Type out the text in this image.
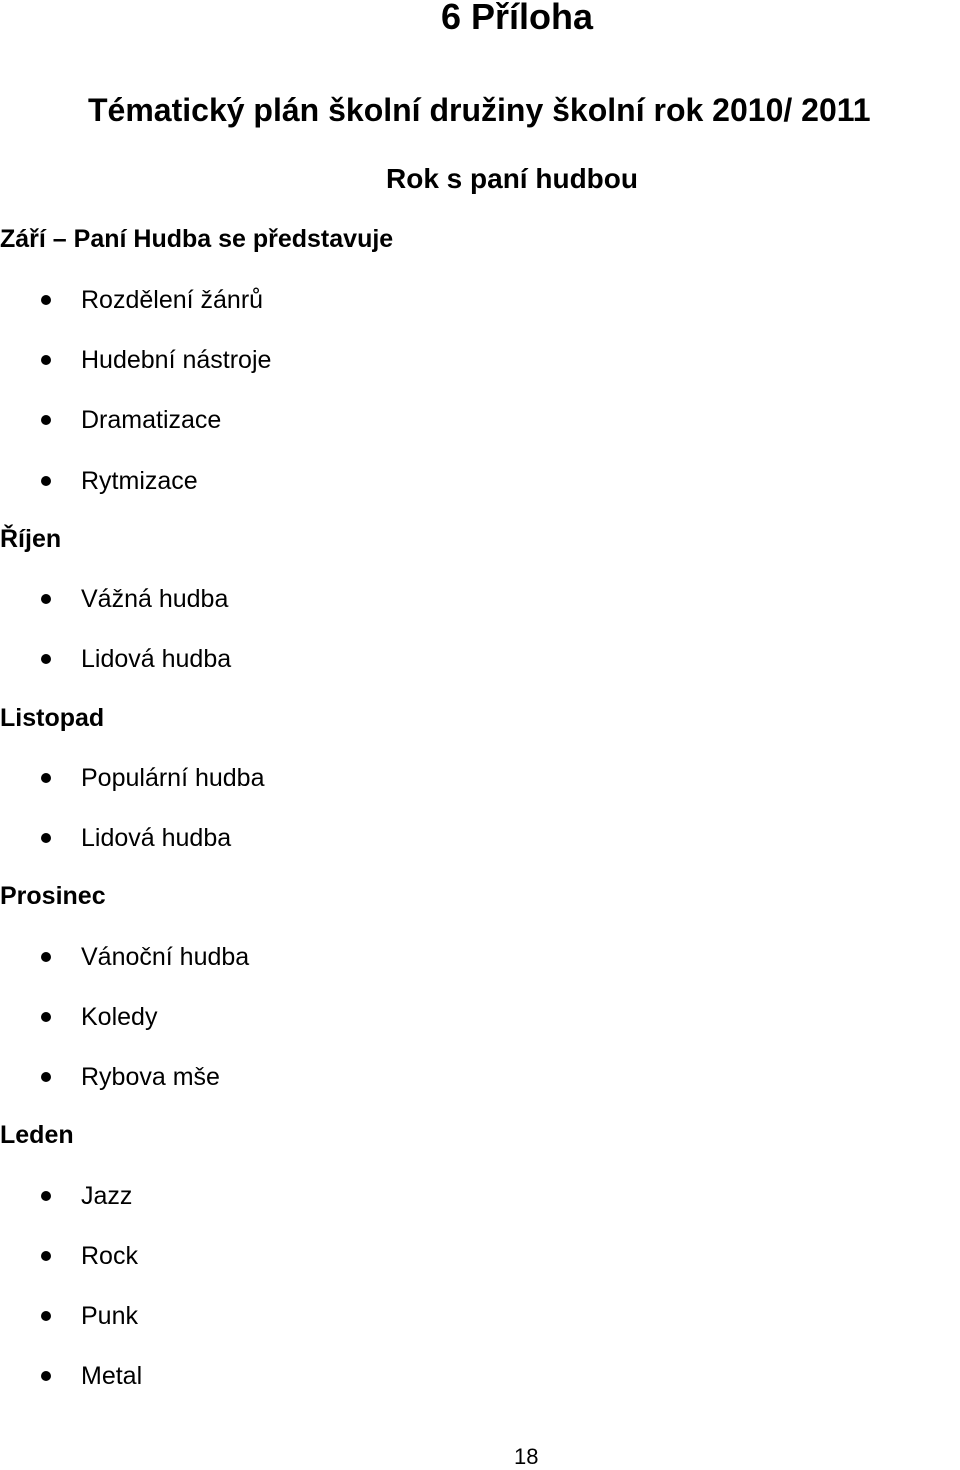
6 Příloha
Tématický plán školní družiny školní rok 2010/ 2011
Rok s paní hudbou
Září – Paní Hudba se představuje
Rozdělení žánrů
Hudební nástroje
Dramatizace
Rytmizace
Říjen
Vážná hudba
Lidová hudba
Listopad
Populární hudba
Lidová hudba
Prosinec
Vánoční hudba
Koledy
Rybova mše
Leden
Jazz
Rock
Punk
Metal
18
